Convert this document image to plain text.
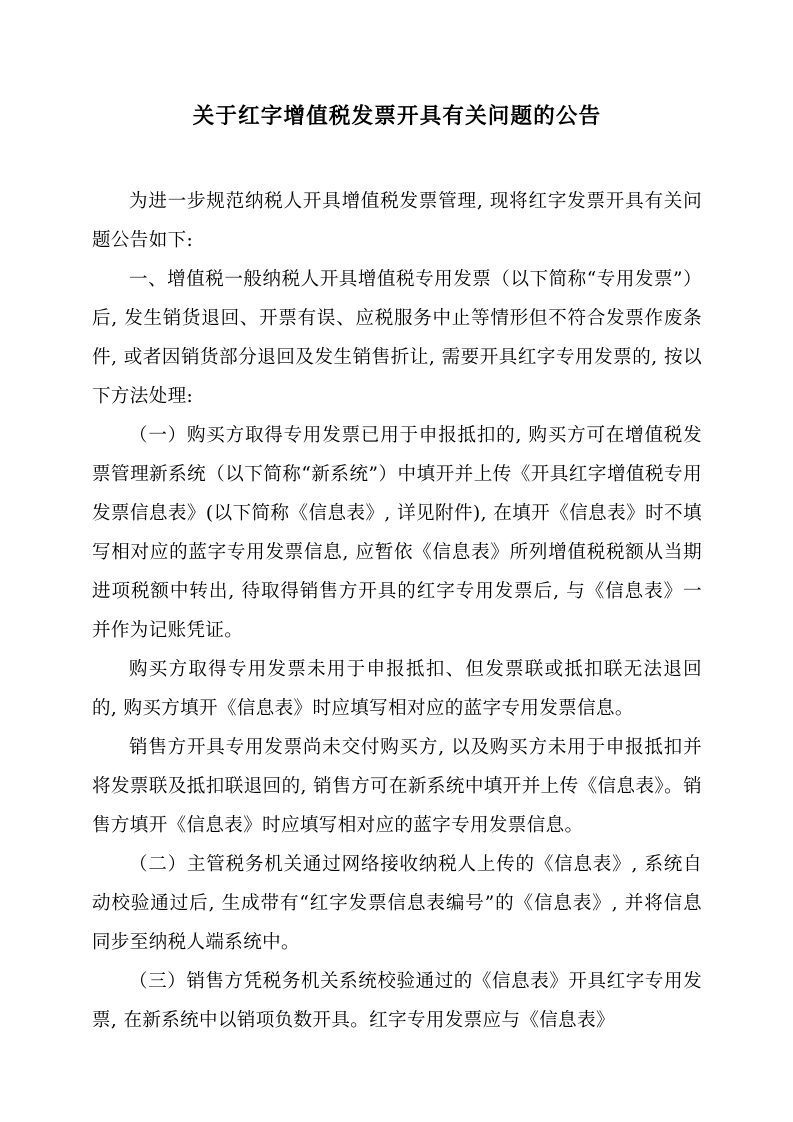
关于红字增值税发票开具有关问题的公告

为进一步规范纳税人开具增值税发票管理, 现将红字发票开具有关问题公告如下:

一、增值税一般纳税人开具增值税专用发票（以下简称“专用发票”）后, 发生销货退回、开票有误、应税服务中止等情形但不符合发票作废条件, 或者因销货部分退回及发生销售折让, 需要开具红字专用发票的, 按以下方法处理:

（一）购买方取得专用发票已用于申报抵扣的, 购买方可在增值税发票管理新系统（以下简称“新系统”）中填开并上传《开具红字增值税专用发票信息表》(以下简称《信息表》, 详见附件), 在填开《信息表》时不填写相对应的蓝字专用发票信息, 应暂依《信息表》所列增值税税额从当期进项税额中转出, 待取得销售方开具的红字专用发票后, 与《信息表》一并作为记账凭证。

购买方取得专用发票未用于申报抵扣、但发票联或抵扣联无法退回的, 购买方填开《信息表》时应填写相对应的蓝字专用发票信息。

销售方开具专用发票尚未交付购买方, 以及购买方未用于申报抵扣并将发票联及抵扣联退回的, 销售方可在新系统中填开并上传《信息表》。销售方填开《信息表》时应填写相对应的蓝字专用发票信息。

（二）主管税务机关通过网络接收纳税人上传的《信息表》, 系统自动校验通过后, 生成带有“红字发票信息表编号”的《信息表》, 并将信息同步至纳税人端系统中。

（三）销售方凭税务机关系统校验通过的《信息表》开具红字专用发票, 在新系统中以销项负数开具。红字专用发票应与《信息表》
